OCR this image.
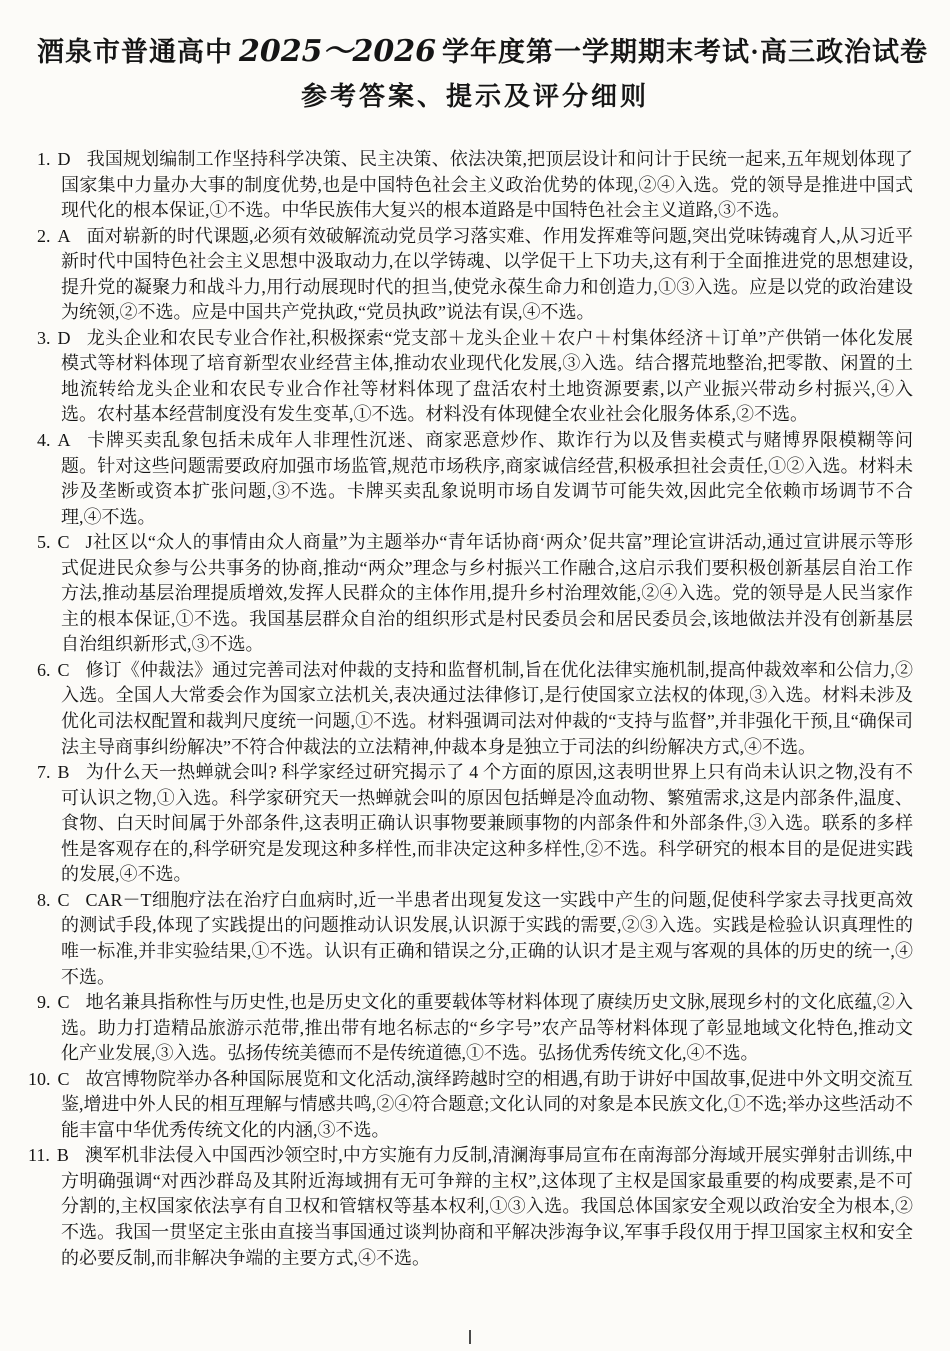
酒泉市普通高中 2025～2026 学年度第一学期期末考试·高三政治试卷
参考答案、提示及评分细则

1. D 我国规划编制工作坚持科学决策、民主决策、依法决策,把顶层设计和问计于民统一起来,五年规划体现了国家集中力量办大事的制度优势,也是中国特色社会主义政治优势的体现,②④入选。党的领导是推进中国式现代化的根本保证,①不选。中华民族伟大复兴的根本道路是中国特色社会主义道路,③不选。

2. A 面对崭新的时代课题,必须有效破解流动党员学习落实难、作用发挥难等问题,突出党味铸魂育人,从习近平新时代中国特色社会主义思想中汲取动力,在以学铸魂、以学促干上下功夫,这有利于全面推进党的思想建设,提升党的凝聚力和战斗力,用行动展现时代的担当,使党永葆生命力和创造力,①③入选。应是以党的政治建设为统领,②不选。应是中国共产党执政,“党员执政”说法有误,④不选。

3. D 龙头企业和农民专业合作社,积极探索“党支部＋龙头企业＋农户＋村集体经济＋订单”产供销一体化发展模式等材料体现了培育新型农业经营主体,推动农业现代化发展,③入选。结合撂荒地整治,把零散、闲置的土地流转给龙头企业和农民专业合作社等材料体现了盘活农村土地资源要素,以产业振兴带动乡村振兴,④入选。农村基本经营制度没有发生变革,①不选。材料没有体现健全农业社会化服务体系,②不选。

4. A 卡牌买卖乱象包括未成年人非理性沉迷、商家恶意炒作、欺诈行为以及售卖模式与赌博界限模糊等问题。针对这些问题需要政府加强市场监管,规范市场秩序,商家诚信经营,积极承担社会责任,①②入选。材料未涉及垄断或资本扩张问题,③不选。卡牌买卖乱象说明市场自发调节可能失效,因此完全依赖市场调节不合理,④不选。

5. C J社区以“众人的事情由众人商量”为主题举办“青年话协商‘两众’促共富”理论宣讲活动,通过宣讲展示等形式促进民众参与公共事务的协商,推动“两众”理念与乡村振兴工作融合,这启示我们要积极创新基层自治工作方法,推动基层治理提质增效,发挥人民群众的主体作用,提升乡村治理效能,②④入选。党的领导是人民当家作主的根本保证,①不选。我国基层群众自治的组织形式是村民委员会和居民委员会,该地做法并没有创新基层自治组织新形式,③不选。

6. C 修订《仲裁法》通过完善司法对仲裁的支持和监督机制,旨在优化法律实施机制,提高仲裁效率和公信力,②入选。全国人大常委会作为国家立法机关,表决通过法律修订,是行使国家立法权的体现,③入选。材料未涉及优化司法权配置和裁判尺度统一问题,①不选。材料强调司法对仲裁的“支持与监督”,并非强化干预,且“确保司法主导商事纠纷解决”不符合仲裁法的立法精神,仲裁本身是独立于司法的纠纷解决方式,④不选。

7. B 为什么天一热蝉就会叫? 科学家经过研究揭示了 4 个方面的原因,这表明世界上只有尚未认识之物,没有不可认识之物,①入选。科学家研究天一热蝉就会叫的原因包括蝉是冷血动物、繁殖需求,这是内部条件,温度、食物、白天时间属于外部条件,这表明正确认识事物要兼顾事物的内部条件和外部条件,③入选。联系的多样性是客观存在的,科学研究是发现这种多样性,而非决定这种多样性,②不选。科学研究的根本目的是促进实践的发展,④不选。

8. C CAR－T细胞疗法在治疗白血病时,近一半患者出现复发这一实践中产生的问题,促使科学家去寻找更高效的测试手段,体现了实践提出的问题推动认识发展,认识源于实践的需要,②③入选。实践是检验认识真理性的唯一标准,并非实验结果,①不选。认识有正确和错误之分,正确的认识才是主观与客观的具体的历史的统一,④不选。

9. C 地名兼具指称性与历史性,也是历史文化的重要载体等材料体现了赓续历史文脉,展现乡村的文化底蕴,②入选。助力打造精品旅游示范带,推出带有地名标志的“乡字号”农产品等材料体现了彰显地域文化特色,推动文化产业发展,③入选。弘扬传统美德而不是传统道德,①不选。弘扬优秀传统文化,④不选。

10. C 故宫博物院举办各种国际展览和文化活动,演绎跨越时空的相遇,有助于讲好中国故事,促进中外文明交流互鉴,增进中外人民的相互理解与情感共鸣,②④符合题意;文化认同的对象是本民族文化,①不选;举办这些活动不能丰富中华优秀传统文化的内涵,③不选。

11. B 澳军机非法侵入中国西沙领空时,中方实施有力反制,清澜海事局宣布在南海部分海域开展实弹射击训练,中方明确强调“对西沙群岛及其附近海域拥有无可争辩的主权”,这体现了主权是国家最重要的构成要素,是不可分割的,主权国家依法享有自卫权和管辖权等基本权利,①③入选。我国总体国家安全观以政治安全为根本,②不选。我国一贯坚定主张由直接当事国通过谈判协商和平解决涉海争议,军事手段仅用于捍卫国家主权和安全的必要反制,而非解决争端的主要方式,④不选。
